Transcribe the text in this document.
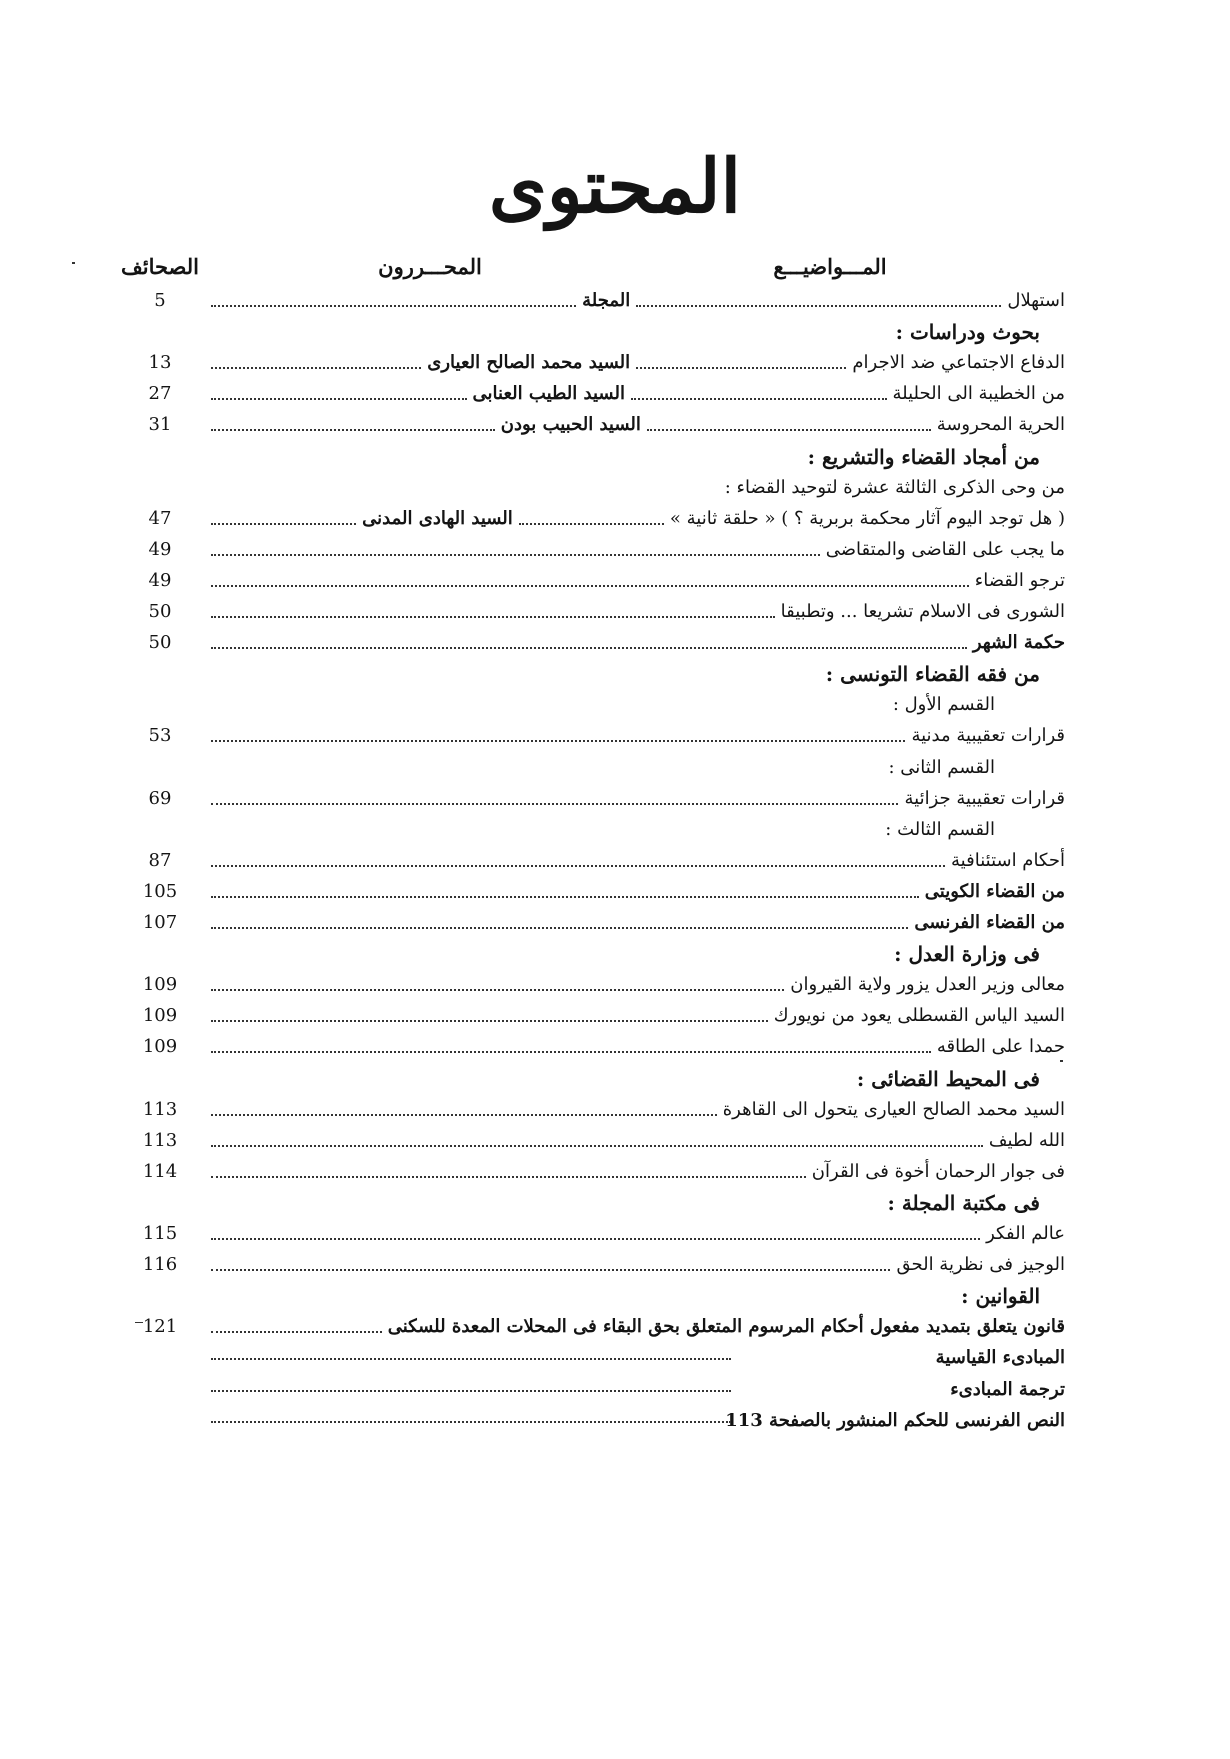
المحتوى
المـــواضيـــع
المحـــررون
الصحائف
استهلال
المجلة
5
بحوث ودراسات :
الدفاع الاجتماعي ضد الاجرام
السيد محمد الصالح العيارى
13
من الخطيبة الى الحليلة
السيد الطيب العنابى
27
الحرية المحروسة
السيد الحبيب بودن
31
من أمجاد القضاء والتشريع :
من وحى الذكرى الثالثة عشرة لتوحيد القضاء :
( هل توجد اليوم آثار محكمة بربرية ؟ ) « حلقة ثانية »
السيد الهادى المدنى
47
ما يجب على القاضى والمتقاضى
49
ترجو القضاء
49
الشورى فى الاسلام تشريعا ... وتطبيقا
50
حكمة الشهر
50
من فقه القضاء التونسى :
القسم الأول :
قرارات تعقيبية مدنية
53
القسم الثانى :
قرارات تعقيبية جزائية
69
القسم الثالث :
أحكام استئنافية
87
من القضاء الكويتى
105
من القضاء الفرنسى
107
فى وزارة العدل :
معالى وزير العدل يزور ولاية القيروان
109
السيد الياس القسطلى يعود من نويورك
109
حمدا على الطاقه
109
فى المحيط القضائى :
السيد محمد الصالح العيارى يتحول الى القاهرة
113
الله لطيف
113
فى جوار الرحمان أخوة فى القرآن
114
فى مكتبة المجلة :
عالم الفكر
115
الوجيز فى نظرية الحق
116
القوانين :
قانون يتعلق بتمديد مفعول أحكام المرسوم المتعلق بحق البقاء فى المحلات المعدة للسكنى
121
المبادىء القياسية
ترجمة المبادىء
النص الفرنسى للحكم المنشور بالصفحة 113
